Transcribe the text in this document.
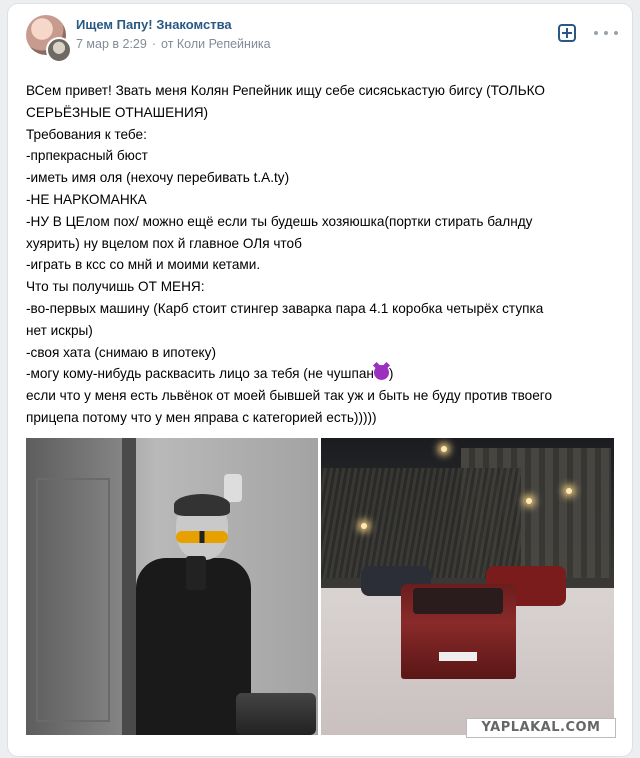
Ищем Папу! Знакомства
7 мар в 2:29 · от Коли Репейника
ВСем привет! Звать меня Колян Репейник ищу себе сисяськастую бигсу (ТОЛЬКО
СЕРЬЁЗНЫЕ ОТНАШЕНИЯ)
Требования к тебе:
-прпекрасный бюст
-иметь имя оля (нехочу перебивать t.A.ty)
-НЕ НАРКОМАНКА
-НУ В ЦЕлом пох/ можно ещё если ты будешь хозяюшка(портки стирать балнду
хуярить) ну вцелом пох й главное ОЛя чтоб
-играть в ксс со мнй и моими кетами.
Что ты получишь ОТ МЕНЯ:
-во-первых машину (Карб стоит стингер заварка пара 4.1 коробка четырёх ступка
нет искры)
-своя хата (снимаю в ипотеку)
-могу кому-нибудь расквасить лицо за тебя (не чушпан )
если что у меня есть львёнок от моей бывшей так уж и быть не буду против твоего
прицепа потому что у мен яправа с категорией есть)))))
YAPLAKAL.COM
